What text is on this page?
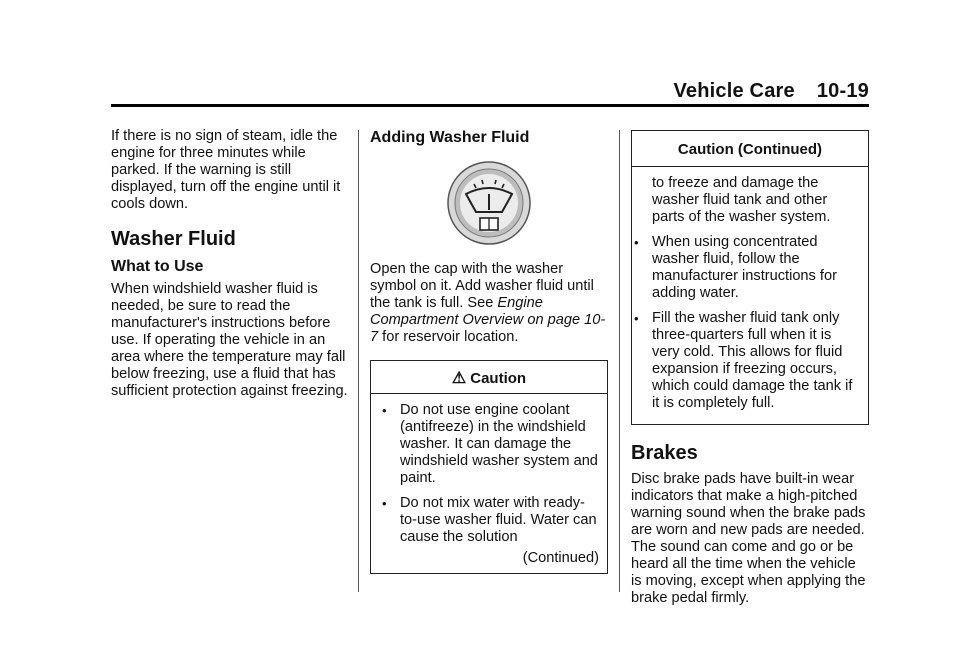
Vehicle Care 10-19

If there is no sign of steam, idle the engine for three minutes while parked. If the warning is still displayed, turn off the engine until it cools down.

Washer Fluid
What to Use

When windshield washer fluid is needed, be sure to read the manufacturer's instructions before use. If operating the vehicle in an area where the temperature may fall below freezing, use a fluid that has sufficient protection against freezing.

Adding Washer Fluid

Open the cap with the washer symbol on it. Add washer fluid until the tank is full. See Engine Compartment Overview on page 10-7 for reservoir location.

⚠ Caution
• Do not use engine coolant (antifreeze) in the windshield washer. It can damage the windshield washer system and paint.
• Do not mix water with ready-to-use washer fluid. Water can cause the solution
(Continued)
Caution (Continued)

to freeze and damage the washer fluid tank and other parts of the washer system.

• When using concentrated washer fluid, follow the manufacturer instructions for adding water.
• Fill the washer fluid tank only three-quarters full when it is very cold. This allows for fluid expansion if freezing occurs, which could damage the tank if it is completely full.
Brakes

Disc brake pads have built-in wear indicators that make a high-pitched warning sound when the brake pads are worn and new pads are needed. The sound can come and go or be heard all the time when the vehicle is moving, except when applying the brake pedal firmly.
